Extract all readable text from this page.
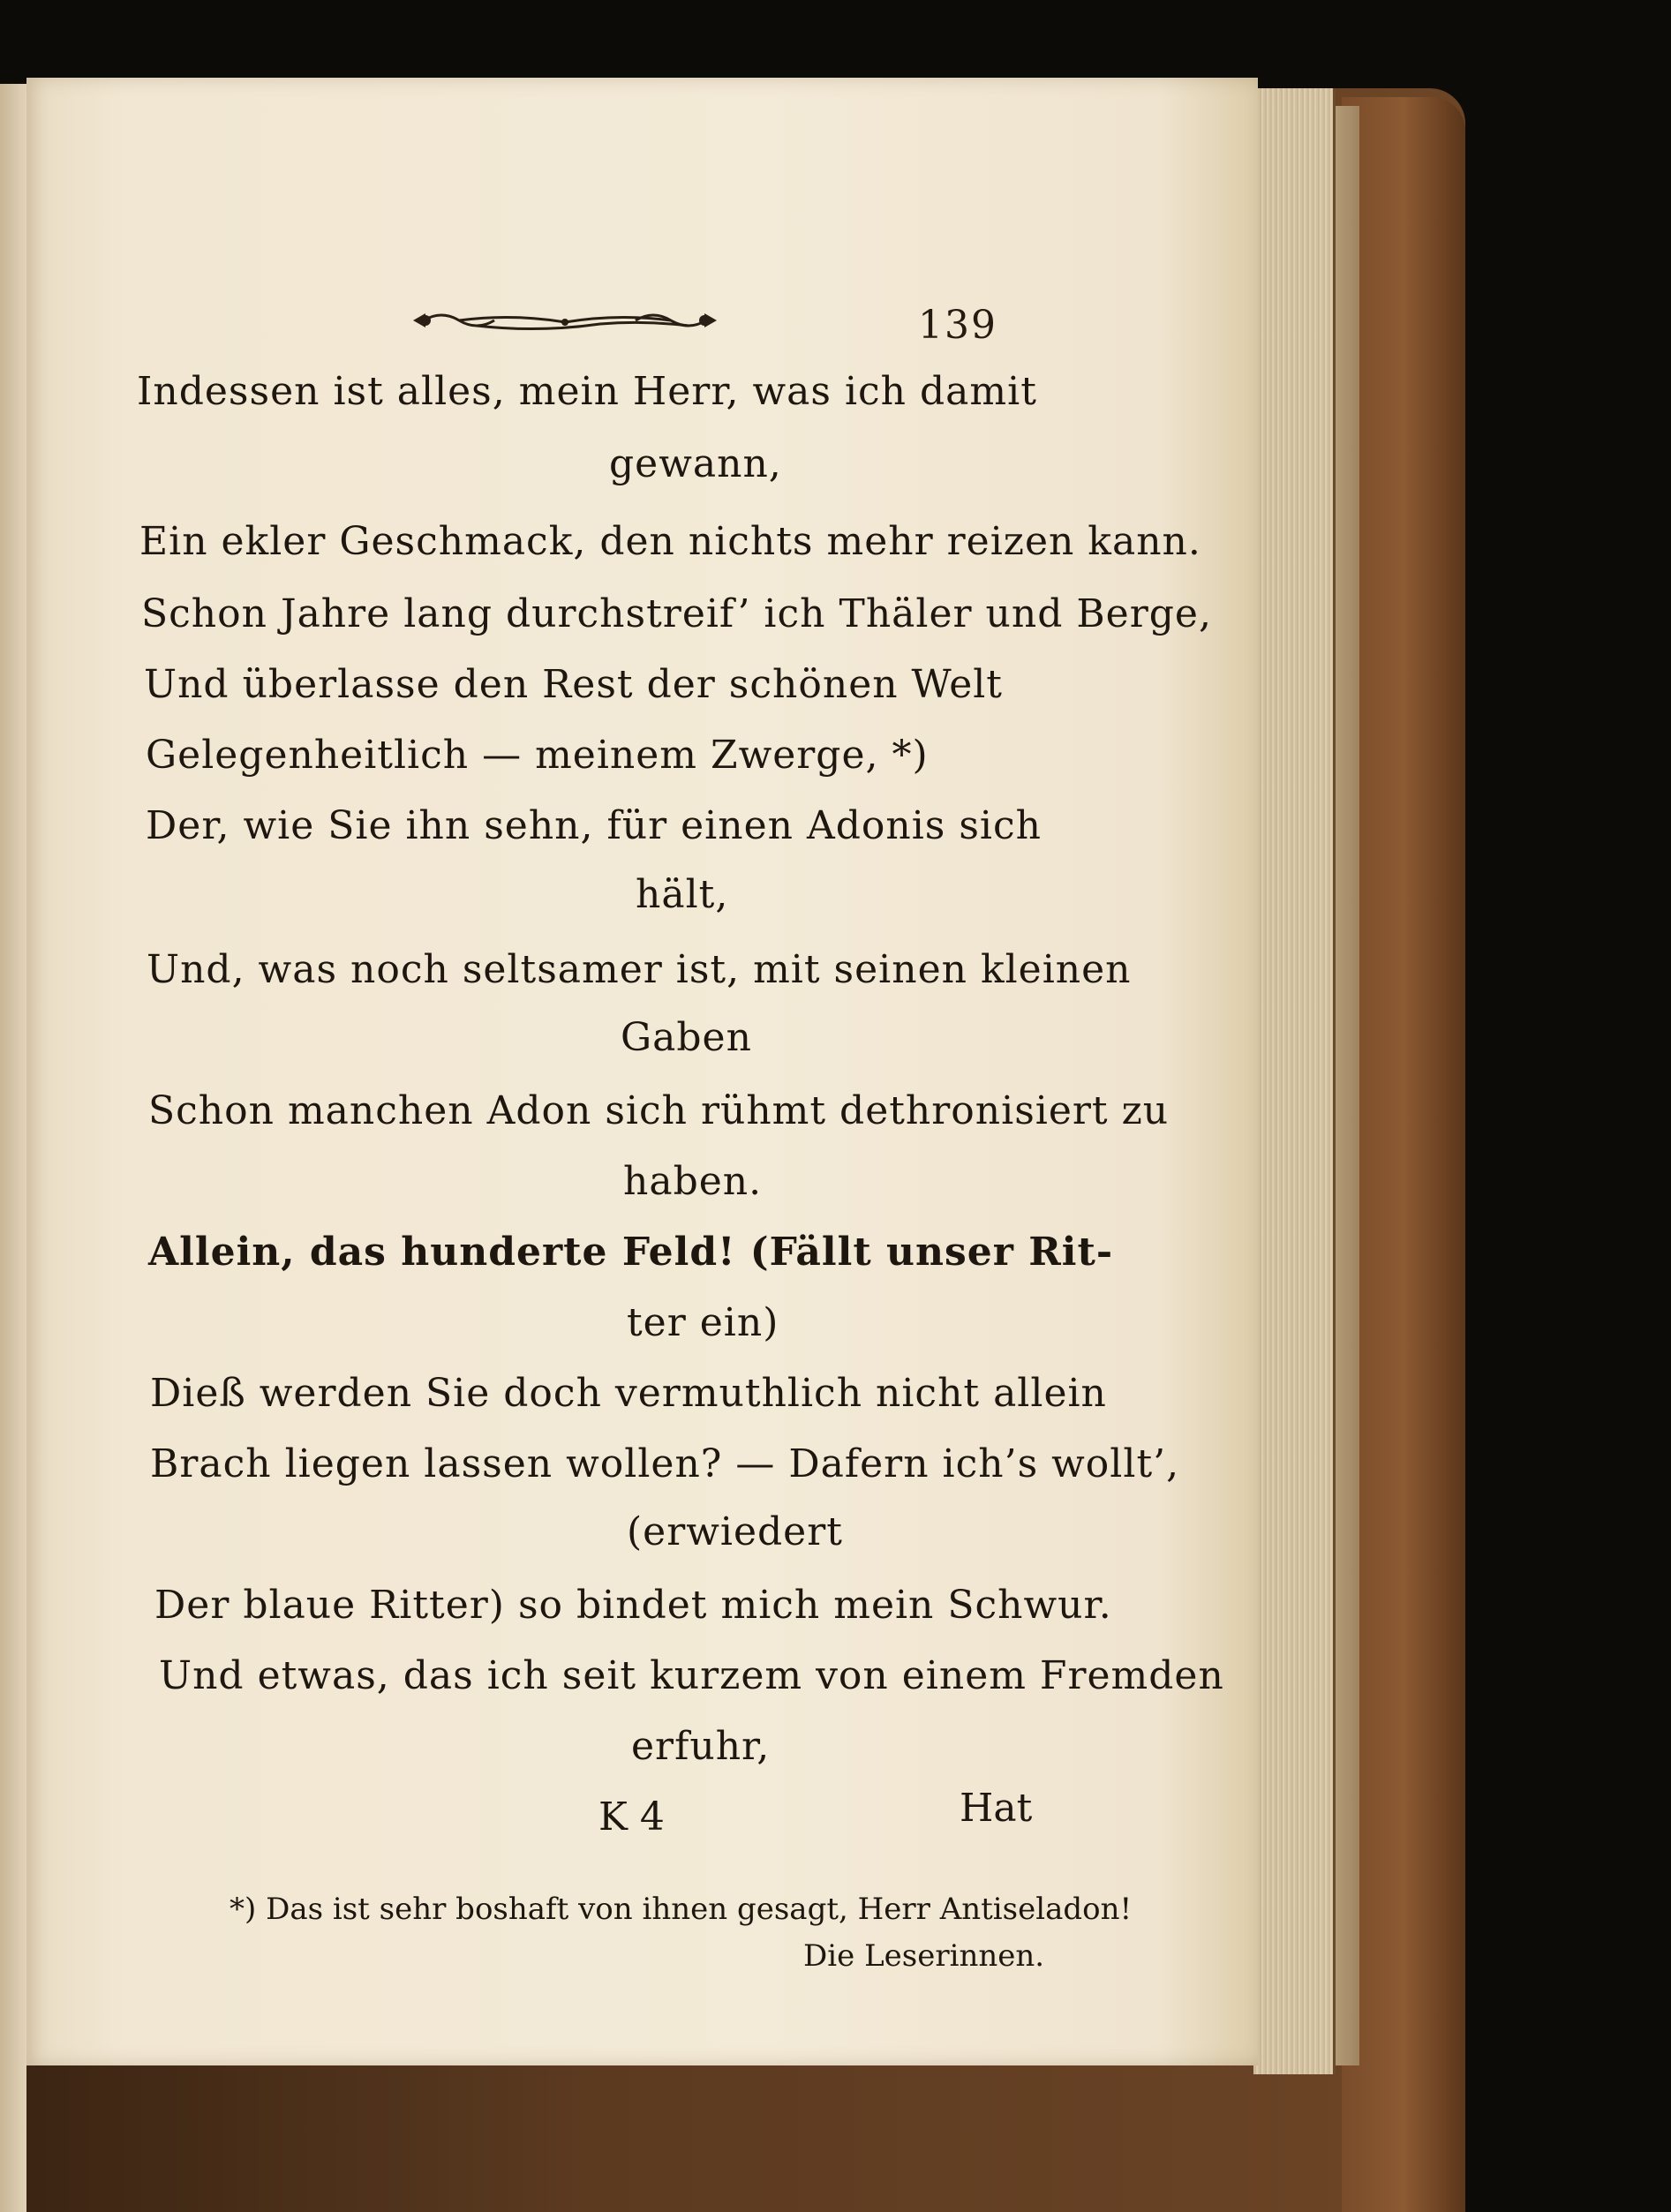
139
Indessen ist alles, mein Herr, was ich damit
gewann,
Ein ekler Geschmack, den nichts mehr reizen kann.
Schon Jahre lang durchstreif’ ich Thäler und Berge,
Und überlasse den Rest der schönen Welt
Gelegenheitlich — meinem Zwerge, *)
Der, wie Sie ihn sehn, für einen Adonis sich
hält,
Und, was noch seltsamer ist, mit seinen kleinen
Gaben
Schon manchen Adon sich rühmt dethronisiert zu
haben.
Allein, das hunderte Feld! (Fällt unser Rit-
ter ein)
Dieß werden Sie doch vermuthlich nicht allein
Brach liegen lassen wollen? — Dafern ich’s wollt’,
(erwiedert
Der blaue Ritter) so bindet mich mein Schwur.
Und etwas, das ich seit kurzem von einem Fremden
erfuhr,
K 4	Hat
*) Das ist sehr boshaft von ihnen gesagt, Herr Antiseladon!
Die Leserinnen.
